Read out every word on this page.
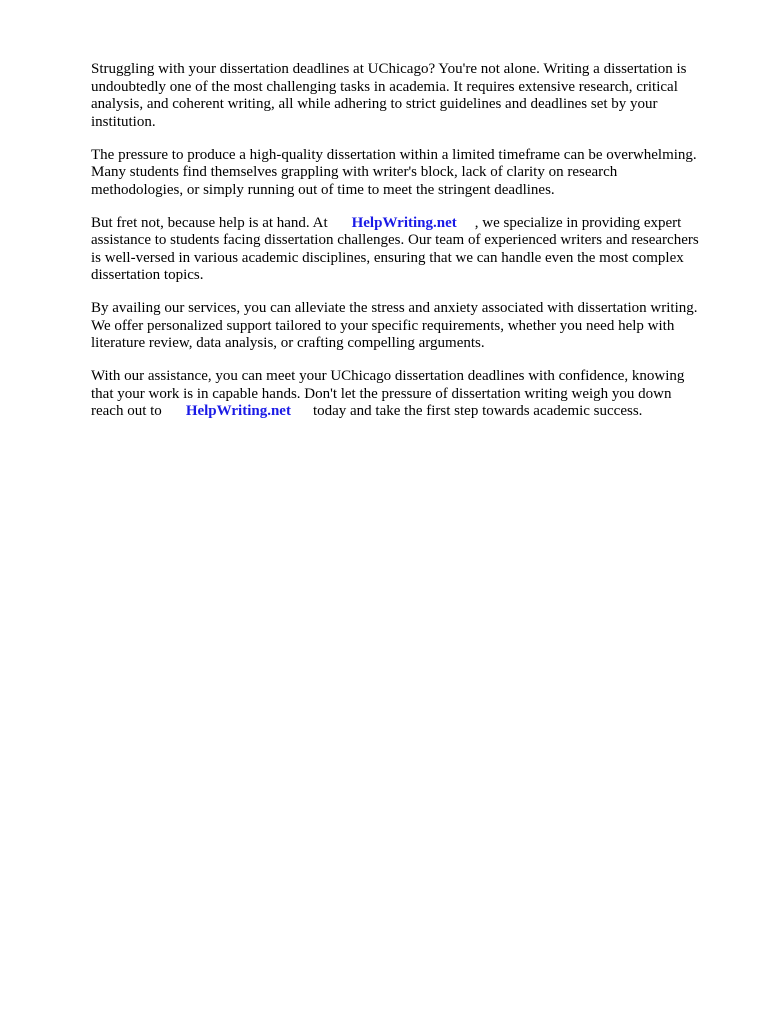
Struggling with your dissertation deadlines at UChicago? You're not alone. Writing a dissertation is
undoubtedly one of the most challenging tasks in academia. It requires extensive research, critical
analysis, and coherent writing, all while adhering to strict guidelines and deadlines set by your
institution.

The pressure to produce a high-quality dissertation within a limited timeframe can be overwhelming.
Many students find themselves grappling with writer's block, lack of clarity on research
methodologies, or simply running out of time to meet the stringent deadlines.

But fret not, because help is at hand. At HelpWriting.net , we specialize in providing expert
assistance to students facing dissertation challenges. Our team of experienced writers and researchers
is well-versed in various academic disciplines, ensuring that we can handle even the most complex
dissertation topics.

By availing our services, you can alleviate the stress and anxiety associated with dissertation writing.
We offer personalized support tailored to your specific requirements, whether you need help with
literature review, data analysis, or crafting compelling arguments.

With our assistance, you can meet your UChicago dissertation deadlines with confidence, knowing
that your work is in capable hands. Don't let the pressure of dissertation writing weigh you down
reach out to HelpWriting.net today and take the first step towards academic success.
